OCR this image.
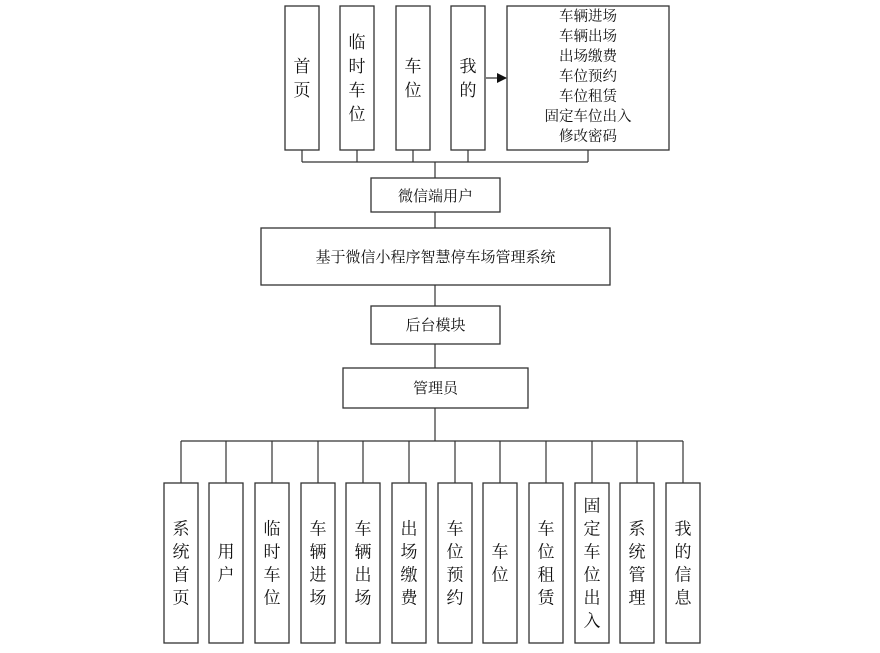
首页
临时车位
车位
我的
车辆进场
车辆出场
出场缴费
车位预约
车位租赁
固定车位出入
修改密码
微信端用户
基于微信小程序智慧停车场管理系统
后台模块
管理员
系统首页
用户
临时车位
车辆进场
车辆出场
出场缴费
车位预约
车位
车位租赁
固定车位出入
系统管理
我的信息
